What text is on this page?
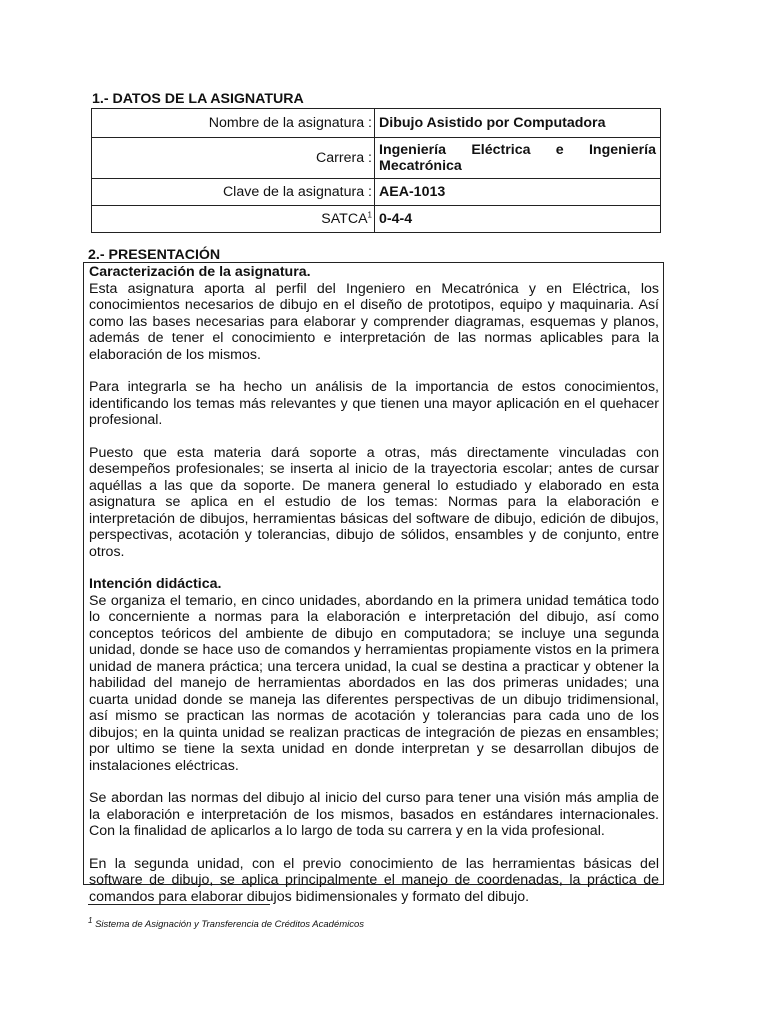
1.- DATOS DE LA ASIGNATURA
Nombre de la asignatura :	Dibujo Asistido por Computadora
Carrera :	Ingeniería Eléctrica e Ingeniería
Mecatrónica

Clave de la asignatura :	AEA-1013
SATCA$^1$	0-4-4
2.- PRESENTACIÓN
Caracterización de la asignatura.
Esta asignatura aporta al perfil del Ingeniero en Mecatrónica y en Eléctrica, los conocimientos necesarios de dibujo en el diseño de prototipos, equipo y maquinaria. Así como las bases necesarias para elaborar y comprender diagramas, esquemas y planos, además de tener el conocimiento e interpretación de las normas aplicables para la elaboración de los mismos.
Para integrarla se ha hecho un análisis de la importancia de estos conocimientos, identificando los temas más relevantes y que tienen una mayor aplicación en el quehacer profesional.
Puesto que esta materia dará soporte a otras, más directamente vinculadas con desempeños profesionales; se inserta al inicio de la trayectoria escolar; antes de cursar aquéllas a las que da soporte. De manera general lo estudiado y elaborado en esta asignatura se aplica en el estudio de los temas: Normas para la elaboración e interpretación de dibujos, herramientas básicas del software de dibujo, edición de dibujos, perspectivas, acotación y tolerancias, dibujo de sólidos, ensambles y de conjunto, entre otros.
Intención didáctica.
Se organiza el temario, en cinco unidades, abordando en la primera unidad temática todo lo concerniente a normas para la elaboración e interpretación del dibujo, así como conceptos teóricos del ambiente de dibujo en computadora; se incluye una segunda unidad, donde se hace uso de comandos y herramientas propiamente vistos en la primera unidad de manera práctica; una tercera unidad, la cual se destina a practicar y obtener la habilidad del manejo de herramientas abordados en las dos primeras unidades; una cuarta unidad donde se maneja las diferentes perspectivas de un dibujo tridimensional, así mismo se practican las normas de acotación y tolerancias para cada uno de los dibujos; en la quinta unidad se realizan practicas de integración de piezas en ensambles; por ultimo se tiene la sexta unidad en donde interpretan y se desarrollan dibujos de instalaciones eléctricas.
Se abordan las normas del dibujo al inicio del curso para tener una visión más amplia de la elaboración e interpretación de los mismos, basados en estándares internacionales. Con la finalidad de aplicarlos a lo largo de toda su carrera y en la vida profesional.
En la segunda unidad, con el previo conocimiento de las herramientas básicas del software de dibujo, se aplica principalmente el manejo de coordenadas, la práctica de comandos para elaborar dibujos bidimensionales y formato del dibujo.
$^1$ Sistema de Asignación y Transferencia de Créditos Académicos
